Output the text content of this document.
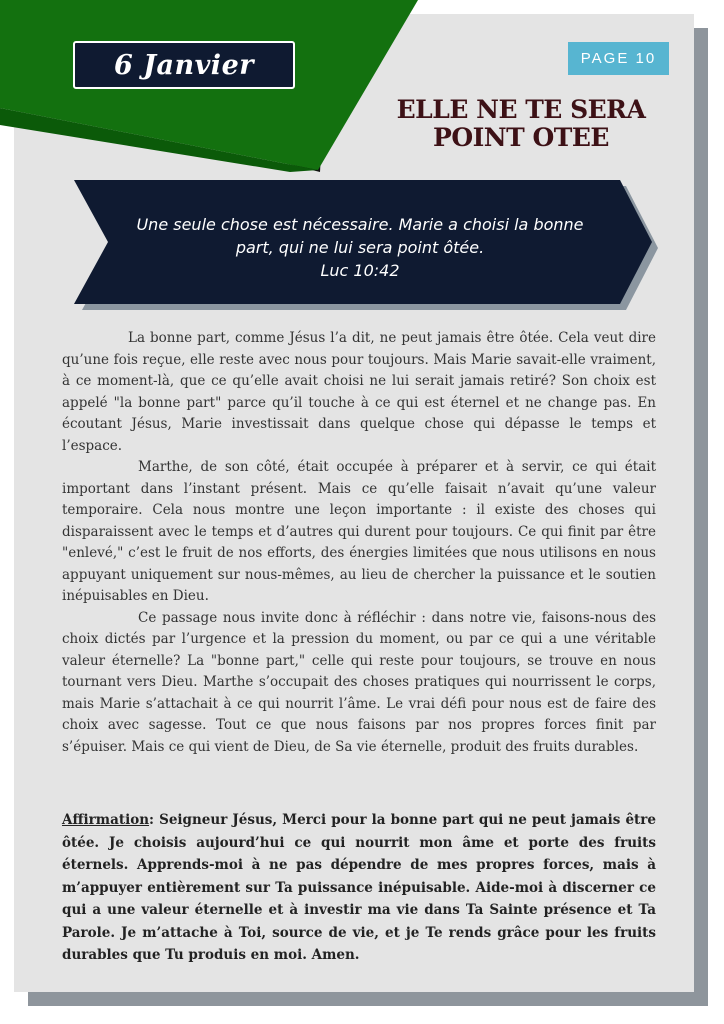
6 Janvier	PAGE 10
ELLE NE TE SERA
POINT OTEE
Une seule chose est nécessaire. Marie a choisi la bonne
part, qui ne lui sera point ôtée.
Luc 10:42

La bonne part, comme Jésus l’a dit, ne peut jamais être ôtée. Cela veut dire qu’une fois reçue, elle reste avec nous pour toujours. Mais Marie savait-elle vraiment, à ce moment-là, que ce qu’elle avait choisi ne lui serait jamais retiré? Son choix est appelé "la bonne part" parce qu’il touche à ce qui est éternel et ne change pas. En écoutant Jésus, Marie investissait dans quelque chose qui dépasse le temps et l’espace.

Marthe, de son côté, était occupée à préparer et à servir, ce qui était important dans l’instant présent. Mais ce qu’elle faisait n’avait qu’une valeur temporaire. Cela nous montre une leçon importante : il existe des choses qui disparaissent avec le temps et d’autres qui durent pour toujours. Ce qui finit par être "enlevé," c’est le fruit de nos efforts, des énergies limitées que nous utilisons en nous appuyant uniquement sur nous-mêmes, au lieu de chercher la puissance et le soutien inépuisables en Dieu.

Ce passage nous invite donc à réfléchir : dans notre vie, faisons-nous des choix dictés par l’urgence et la pression du moment, ou par ce qui a une véritable valeur éternelle? La "bonne part," celle qui reste pour toujours, se trouve en nous tournant vers Dieu. Marthe s’occupait des choses pratiques qui nourrissent le corps, mais Marie s’attachait à ce qui nourrit l’âme. Le vrai défi pour nous est de faire des choix avec sagesse. Tout ce que nous faisons par nos propres forces finit par s’épuiser. Mais ce qui vient de Dieu, de Sa vie éternelle, produit des fruits durables.

Affirmation: Seigneur Jésus, Merci pour la bonne part qui ne peut jamais être ôtée. Je choisis aujourd’hui ce qui nourrit mon âme et porte des fruits éternels. Apprends-moi à ne pas dépendre de mes propres forces, mais à m’appuyer entièrement sur Ta puissance inépuisable. Aide-moi à discerner ce qui a une valeur éternelle et à investir ma vie dans Ta Sainte présence et Ta Parole. Je m’attache à Toi, source de vie, et je Te rends grâce pour les fruits durables que Tu produis en moi. Amen.
